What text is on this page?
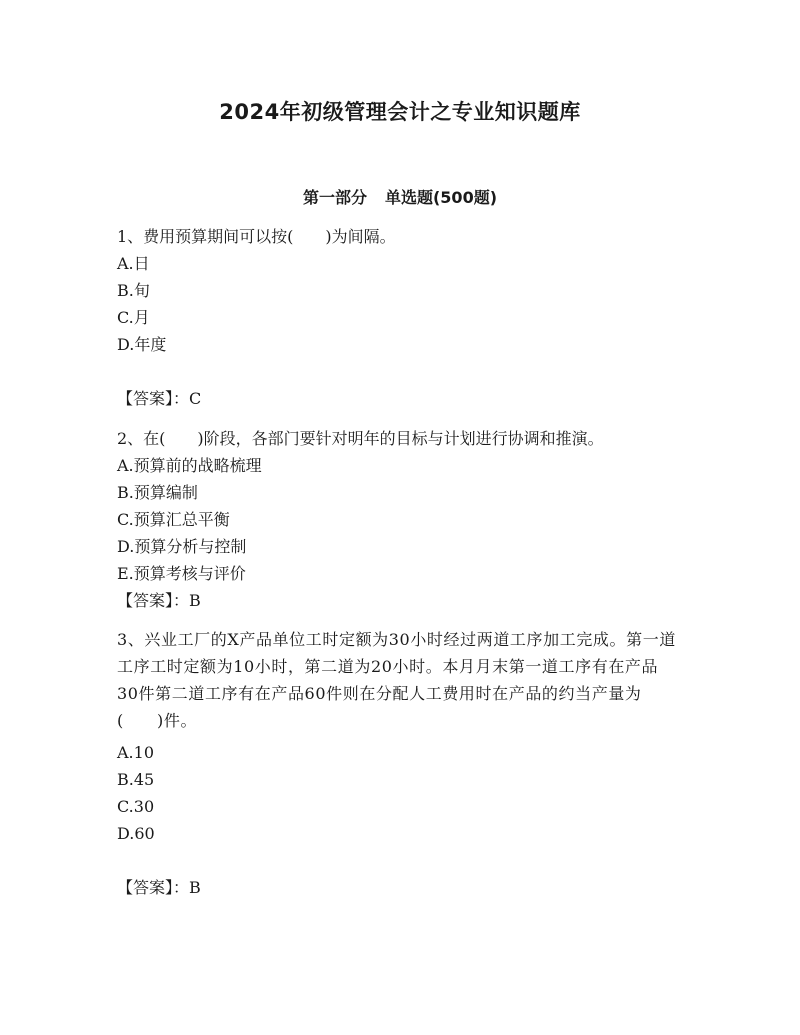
2024年初级管理会计之专业知识题库
第一部分 单选题(500题)
1、费用预算期间可以按(　　)为间隔。
A.日
B.旬
C.月
D.年度
【答案】：C
2、在(　　)阶段，各部门要针对明年的目标与计划进行协调和推演。
A.预算前的战略梳理
B.预算编制
C.预算汇总平衡
D.预算分析与控制
E.预算考核与评价
【答案】：B
3、兴业工厂的X产品单位工时定额为30小时经过两道工序加工完成。第一道工序工时定额为10小时，第二道为20小时。本月月末第一道工序有在产品30件第二道工序有在产品60件则在分配人工费用时在产品的约当产量为(　　)件。
A.10
B.45
C.30
D.60
【答案】：B
